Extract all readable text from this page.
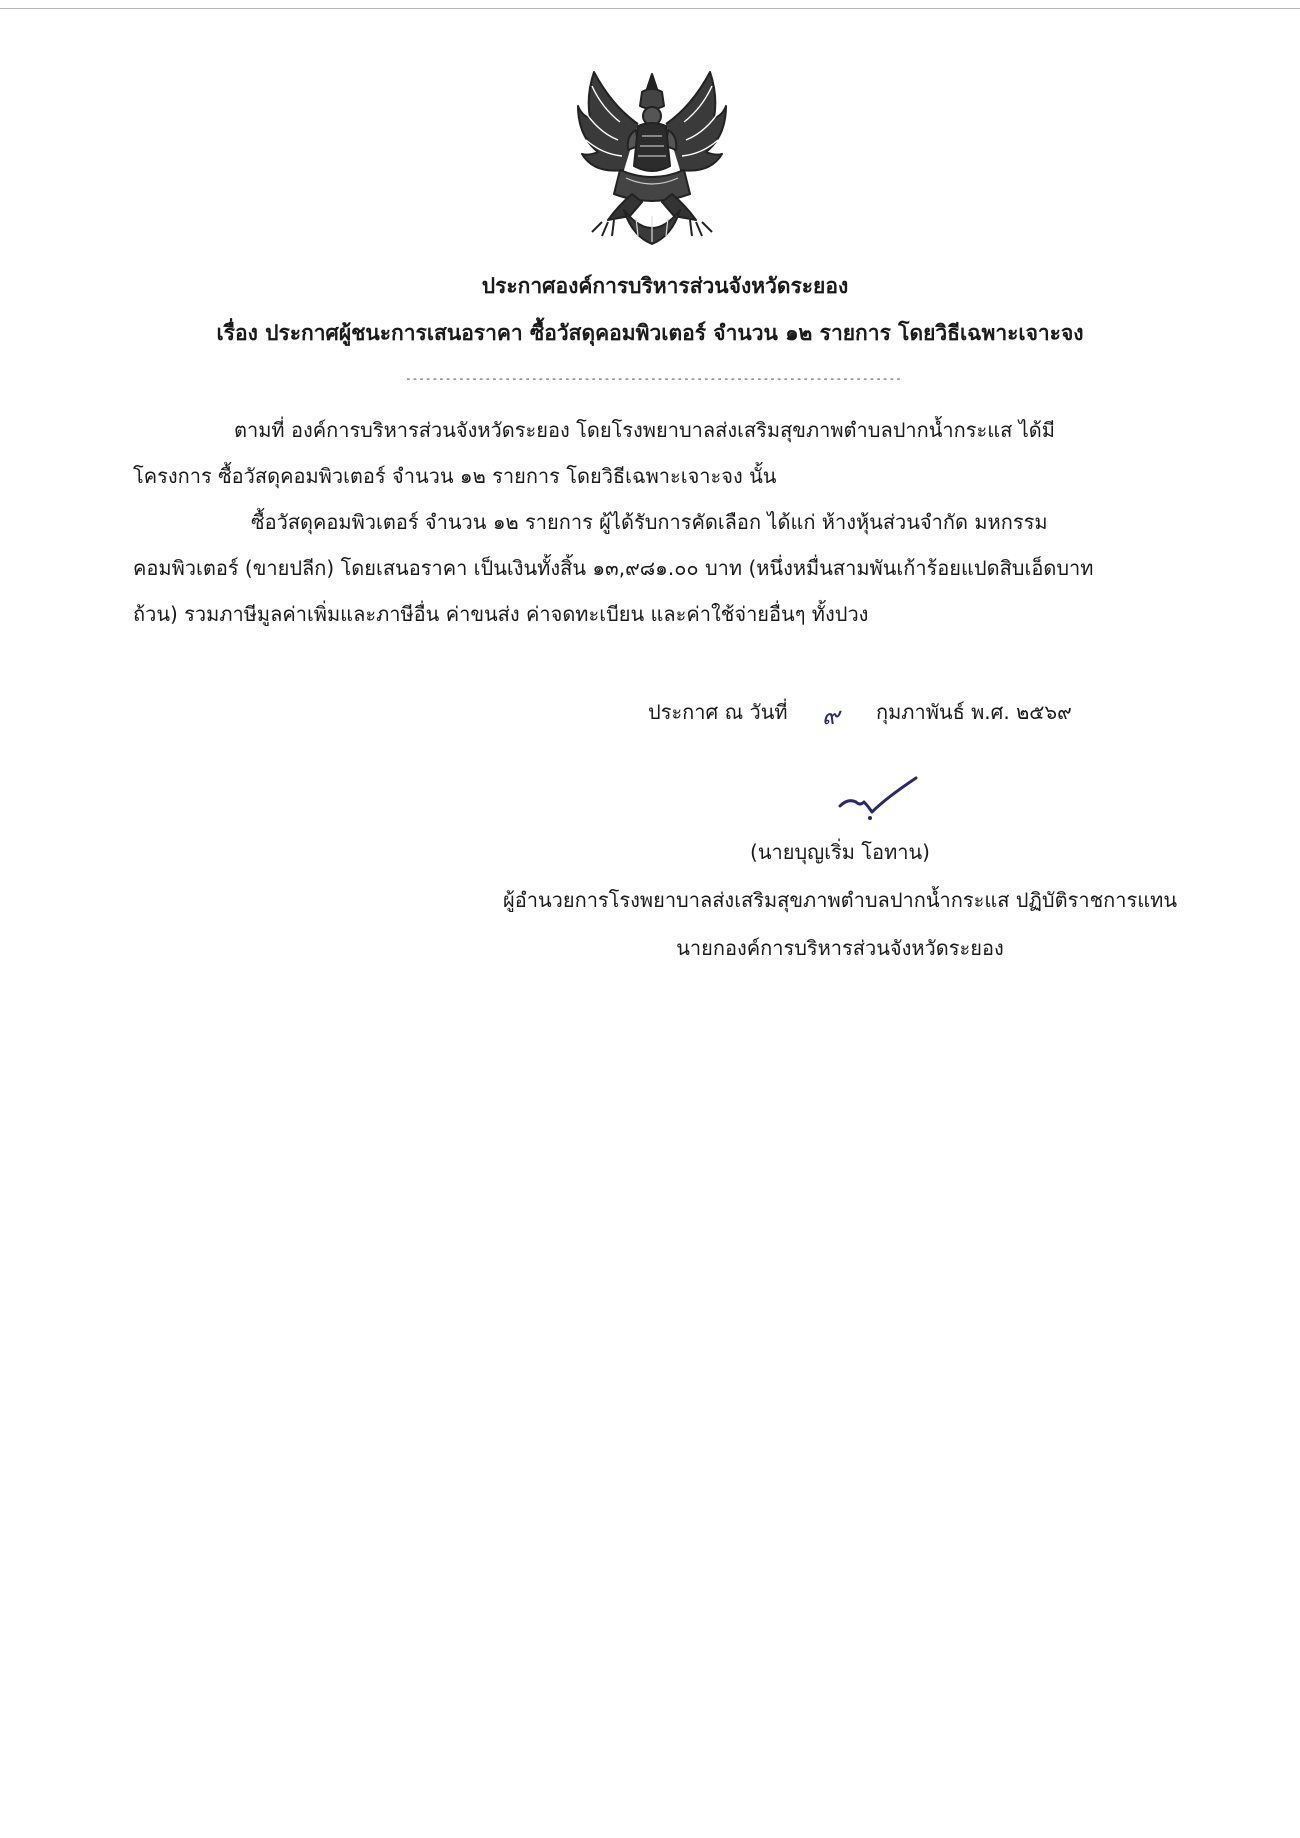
ประกาศองค์การบริหารส่วนจังหวัดระยอง
เรื่อง ประกาศผู้ชนะการเสนอราคา ซื้อวัสดุคอมพิวเตอร์ จำนวน ๑๒ รายการ โดยวิธีเฉพาะเจาะจง
---------------------------------------------------------------------------
ตามที่ องค์การบริหารส่วนจังหวัดระยอง โดยโรงพยาบาลส่งเสริมสุขภาพตำบลปากน้ำกระแส ได้มี
โครงการ ซื้อวัสดุคอมพิวเตอร์ จำนวน ๑๒ รายการ โดยวิธีเฉพาะเจาะจง นั้น
ซื้อวัสดุคอมพิวเตอร์ จำนวน ๑๒ รายการ ผู้ได้รับการคัดเลือก ได้แก่ ห้างหุ้นส่วนจำกัด มหกรรม
คอมพิวเตอร์ (ขายปลีก) โดยเสนอราคา เป็นเงินทั้งสิ้น ๑๓,๙๘๑.๐๐ บาท (หนึ่งหมื่นสามพันเก้าร้อยแปดสิบเอ็ดบาท
ถ้วน) รวมภาษีมูลค่าเพิ่มและภาษีอื่น ค่าขนส่ง ค่าจดทะเบียน และค่าใช้จ่ายอื่นๆ ทั้งปวง
ประกาศ ณ วันที่ ๙ กุมภาพันธ์ พ.ศ. ๒๕๖๙
(นายบุญเริ่ม โอทาน)
ผู้อำนวยการโรงพยาบาลส่งเสริมสุขภาพตำบลปากน้ำกระแส ปฏิบัติราชการแทน
นายกองค์การบริหารส่วนจังหวัดระยอง
